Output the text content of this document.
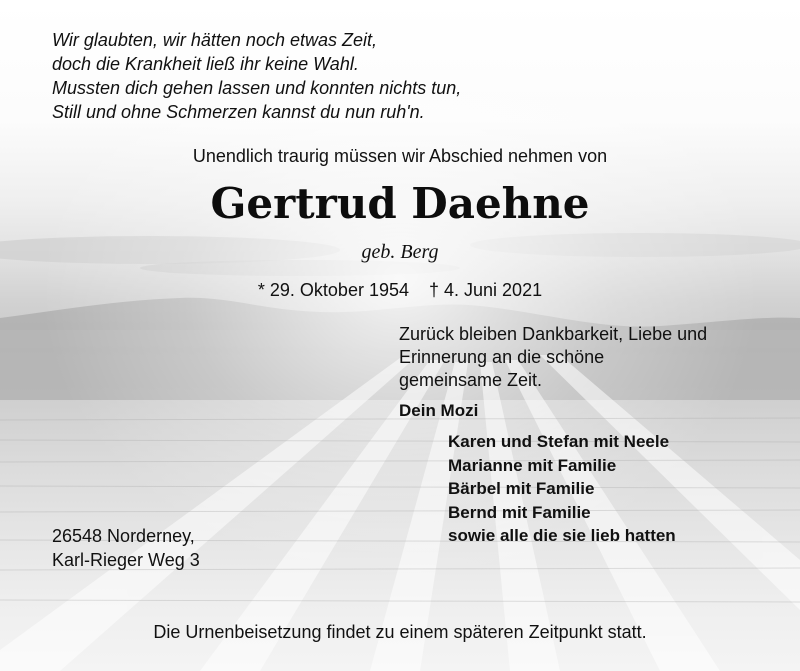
Wir glaubten, wir hätten noch etwas Zeit,
doch die Krankheit ließ ihr keine Wahl.
Mussten dich gehen lassen und konnten nichts tun,
Still und ohne Schmerzen kannst du nun ruh'n.
Unendlich traurig müssen wir Abschied nehmen von
Gertrud Daehne
geb. Berg
* 29. Oktober 1954    † 4. Juni 2021
Zurück bleiben Dankbarkeit, Liebe und
Erinnerung an die schöne
gemeinsame Zeit.
Dein Mozi
Karen und Stefan mit Neele
Marianne mit Familie
Bärbel mit Familie
Bernd mit Familie
sowie alle die sie lieb hatten
26548 Norderney,
Karl-Rieger Weg 3
Die Urnenbeisetzung findet zu einem späteren Zeitpunkt statt.
